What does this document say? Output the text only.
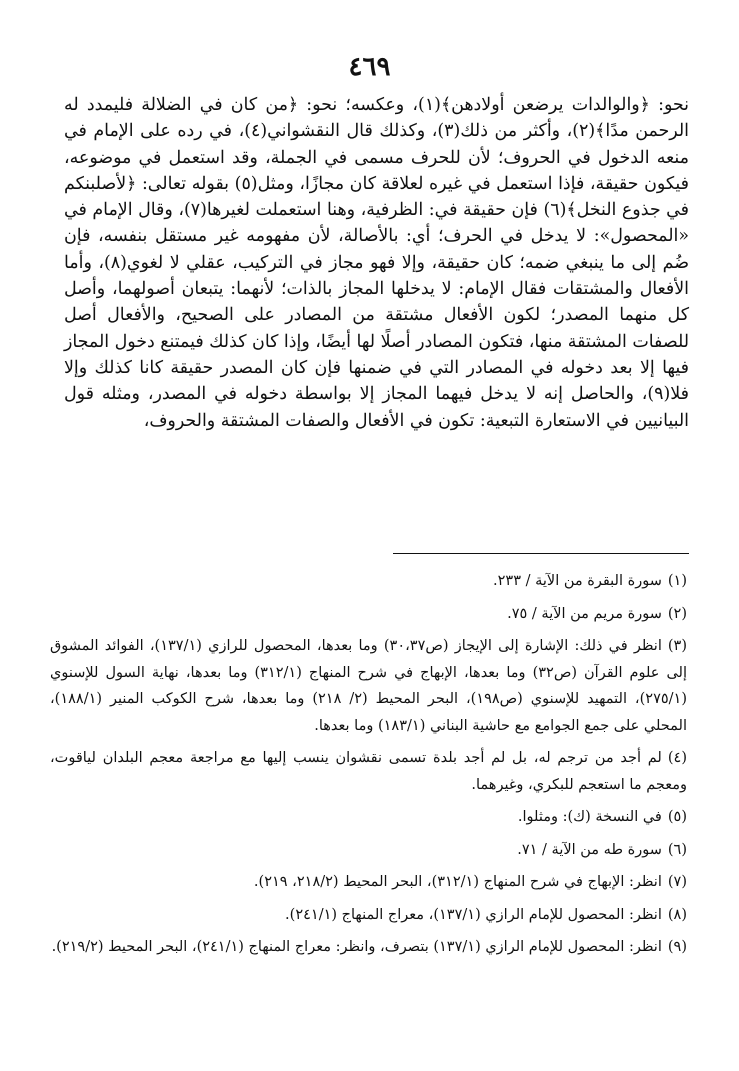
٤٦٩

نحو: ﴿والوالدات يرضعن أولادهن﴾(١)، وعكسه؛ نحو: ﴿من كان في الضلالة فليمدد له الرحمن مدًا﴾(٢)، وأكثر من ذلك(٣)، وكذلك قال النقشواني(٤)، في رده على الإمام في منعه الدخول في الحروف؛ لأن للحرف مسمى في الجملة، وقد استعمل في موضوعه، فيكون حقيقة، فإذا استعمل في غيره لعلاقة كان مجازًا، ومثل(٥) بقوله تعالى: ﴿لأصلبنكم في جذوع النخل﴾(٦) فإن حقيقة في: الظرفية، وهنا استعملت لغيرها(٧)، وقال الإمام في «المحصول»: لا يدخل في الحرف؛ أي: بالأصالة، لأن مفهومه غير مستقل بنفسه، فإن ضُم إلى ما ينبغي ضمه؛ كان حقيقة، وإلا فهو مجاز في التركيب، عقلي لا لغوي(٨)، وأما الأفعال والمشتقات فقال الإمام: لا يدخلها المجاز بالذات؛ لأنهما: يتبعان أصولهما، وأصل كل منهما المصدر؛ لكون الأفعال مشتقة من المصادر على الصحيح، والأفعال أصل للصفات المشتقة منها، فتكون المصادر أصلًا لها أيضًا، وإذا كان كذلك فيمتنع دخول المجاز فيها إلا بعد دخوله في المصادر التي في ضمنها فإن كان المصدر حقيقة كانا كذلك وإلا فلا(٩)، والحاصل إنه لا يدخل فيهما المجاز إلا بواسطة دخوله في المصدر، ومثله قول البيانيين في الاستعارة التبعية: تكون في الأفعال والصفات المشتقة والحروف،

(١)سورة البقرة من الآية / ٢٣٣.
(٢)سورة مريم من الآية / ٧٥.
(٣)انظر في ذلك: الإشارة إلى الإيجاز (ص٣٠،٣٧) وما بعدها، المحصول للرازي (١٣٧/١)، الفوائد المشوق إلى علوم القرآن (ص٣٢) وما بعدها، الإبهاج في شرح المنهاج (٣١٢/١) وما بعدها، نهاية السول للإسنوي (٢٧٥/١)، التمهيد للإسنوي (ص١٩٨)، البحر المحيط (٢/ ٢١٨) وما بعدها، شرح الكوكب المنير (١٨٨/١)، المحلي على جمع الجوامع مع حاشية البناني (١٨٣/١) وما بعدها.
(٤)لم أجد من ترجم له، بل لم أجد بلدة تسمى نقشوان ينسب إليها مع مراجعة معجم البلدان لياقوت، ومعجم ما استعجم للبكري، وغيرهما.
(٥)في النسخة (ك): ومثلوا.
(٦)سورة طه من الآية / ٧١.
(٧)انظر: الإبهاج في شرح المنهاج (٣١٢/١)، البحر المحيط (٢١٨/٢، ٢١٩).
(٨)انظر: المحصول للإمام الرازي (١٣٧/١)، معراج المنهاج (٢٤١/١).
(٩)انظر: المحصول للإمام الرازي (١٣٧/١) بتصرف، وانظر: معراج المنهاج (٢٤١/١)، البحر المحيط (٢١٩/٢).
